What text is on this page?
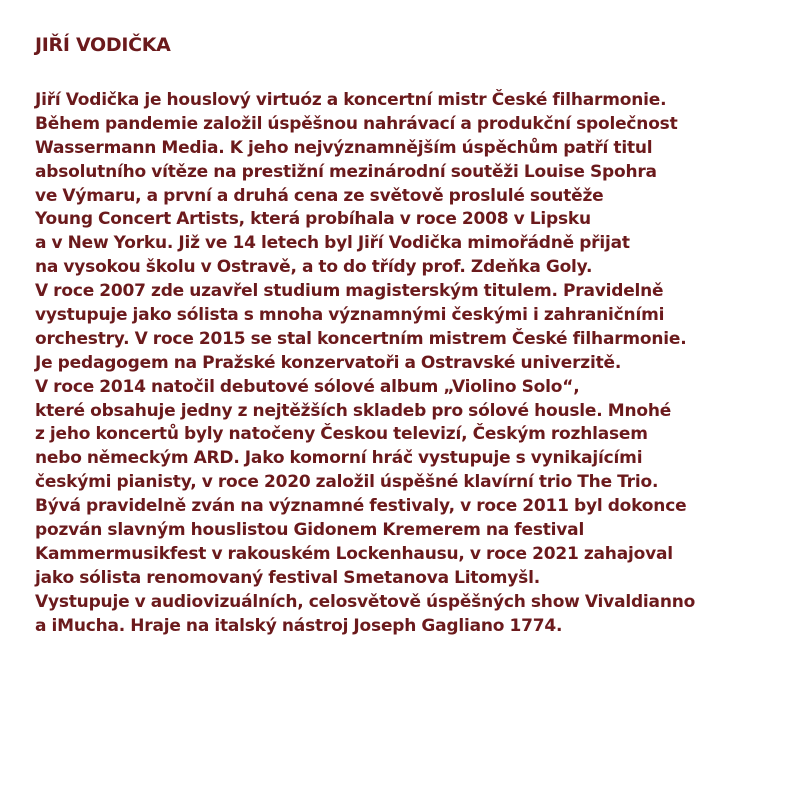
JIŘÍ VODIČKA
Jiří Vodička je houslový virtuóz a koncertní mistr České filharmonie.
Během pandemie založil úspěšnou nahrávací a produkční společnost
Wassermann Media. K jeho nejvýznamnějším úspěchům patří titul
absolutního vítěze na prestižní mezinárodní soutěži Louise Spohra
ve Výmaru, a první a druhá cena ze světově proslulé soutěže
Young Concert Artists, která probíhala v roce 2008 v Lipsku
a v New Yorku. Již ve 14 letech byl Jiří Vodička mimořádně přijat
na vysokou školu v Ostravě, a to do třídy prof. Zdeňka Goly.
V roce 2007 zde uzavřel studium magisterským titulem. Pravidelně
vystupuje jako sólista s mnoha významnými českými i zahraničními
orchestry. V roce 2015 se stal koncertním mistrem České filharmonie.
Je pedagogem na Pražské konzervatoři a Ostravské univerzitě.
V roce 2014 natočil debutové sólové album „Violino Solo“,
které obsahuje jedny z nejtěžších skladeb pro sólové housle. Mnohé
z jeho koncertů byly natočeny Českou televizí, Českým rozhlasem
nebo německým ARD. Jako komorní hráč vystupuje s vynikajícími
českými pianisty, v roce 2020 založil úspěšné klavírní trio The Trio.
Bývá pravidelně zván na významné festivaly, v roce 2011 byl dokonce
pozván slavným houslistou Gidonem Kremerem na festival
Kammermusikfest v rakouském Lockenhausu, v roce 2021 zahajoval
jako sólista renomovaný festival Smetanova Litomyšl.
Vystupuje v audiovizuálních, celosvětově úspěšných show Vivaldianno
a iMucha. Hraje na italský nástroj Joseph Gagliano 1774.
